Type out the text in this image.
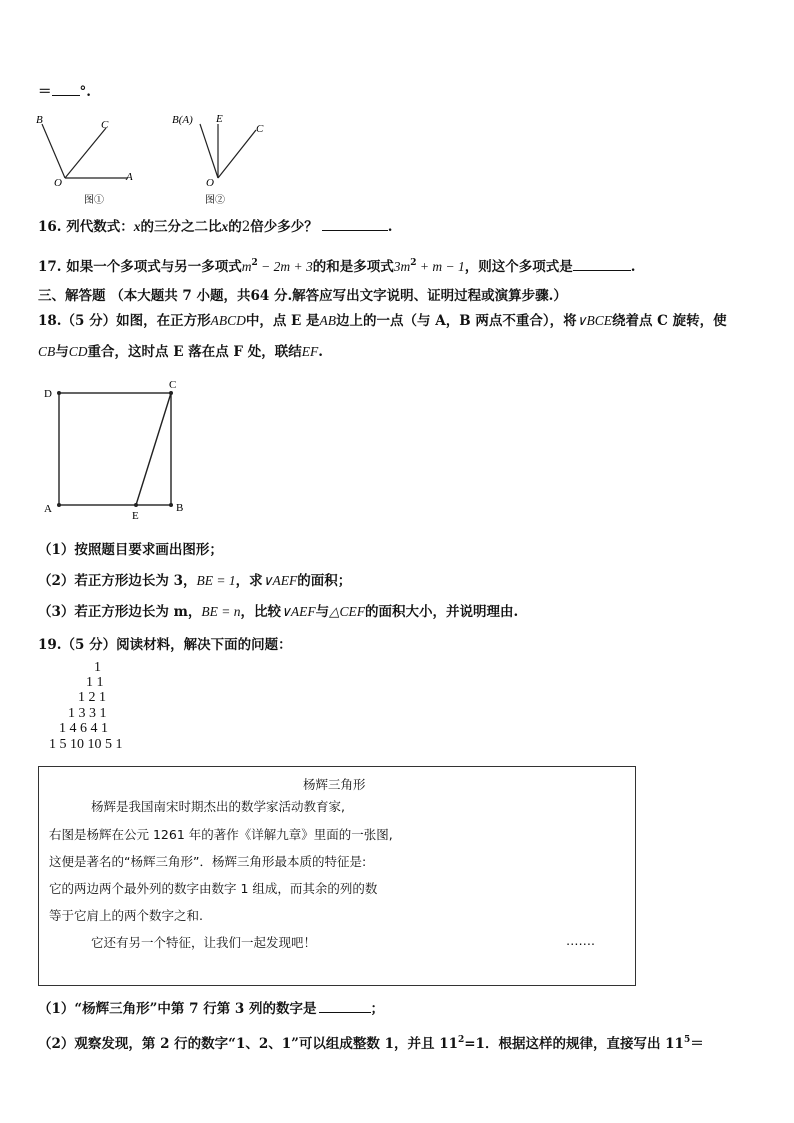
＝ °.
B	C
O	A
图①
B(A) E
C
O
图②
16. 列代数式：x的三分之二比x的2倍少多少？	.
17. 如果一个多项式与另一多项式$m^2 - 2m + 3$的和是多项式$3m^2 + m - 1$，则这个多项式是	.
三、解答题 （本大题共 7 小题，共64 分.解答应写出文字说明、证明过程或演算步骤.）
18.（5 分）如图，在正方形ABCD中，点 E 是AB边上的一点（与 A，B 两点不重合），将∨BCE绕着点 C 旋转，使
CB与CD重合，这时点 E 落在点 F 处，联结EF.
D
C
A
E
B
（1）按照题目要求画出图形；
（2）若正方形边长为 3，BE = 1，求∨AEF的面积；
（3）若正方形边长为 m，BE = n，比较∨AEF与△CEF的面积大小，并说明理由.
19.（5 分）阅读材料，解决下面的问题：
1
1 1
1 2 1
1 3 3 1
1 4 6 4 1
1 5 10 10 5 1
杨辉三角形
杨辉是我国南宋时期杰出的数学家活动教育家,
右图是杨辉在公元 1261 年的著作《详解九章》里面的一张图,
这便是著名的“杨辉三角形”．杨辉三角形最本质的特征是:
它的两边两个最外列的数字由数字 1 组成，而其余的列的数
等于它肩上的两个数字之和.
它还有另一个特征，让我们一起发现吧！	…….
（1）“杨辉三角形”中第 7 行第 3 列的数字是	；
（2）观察发现，第 2 行的数字“1、2、1”可以组成整数 1，并且 $11^2=1$．根据这样的规律，直接写出 $11^5=$
